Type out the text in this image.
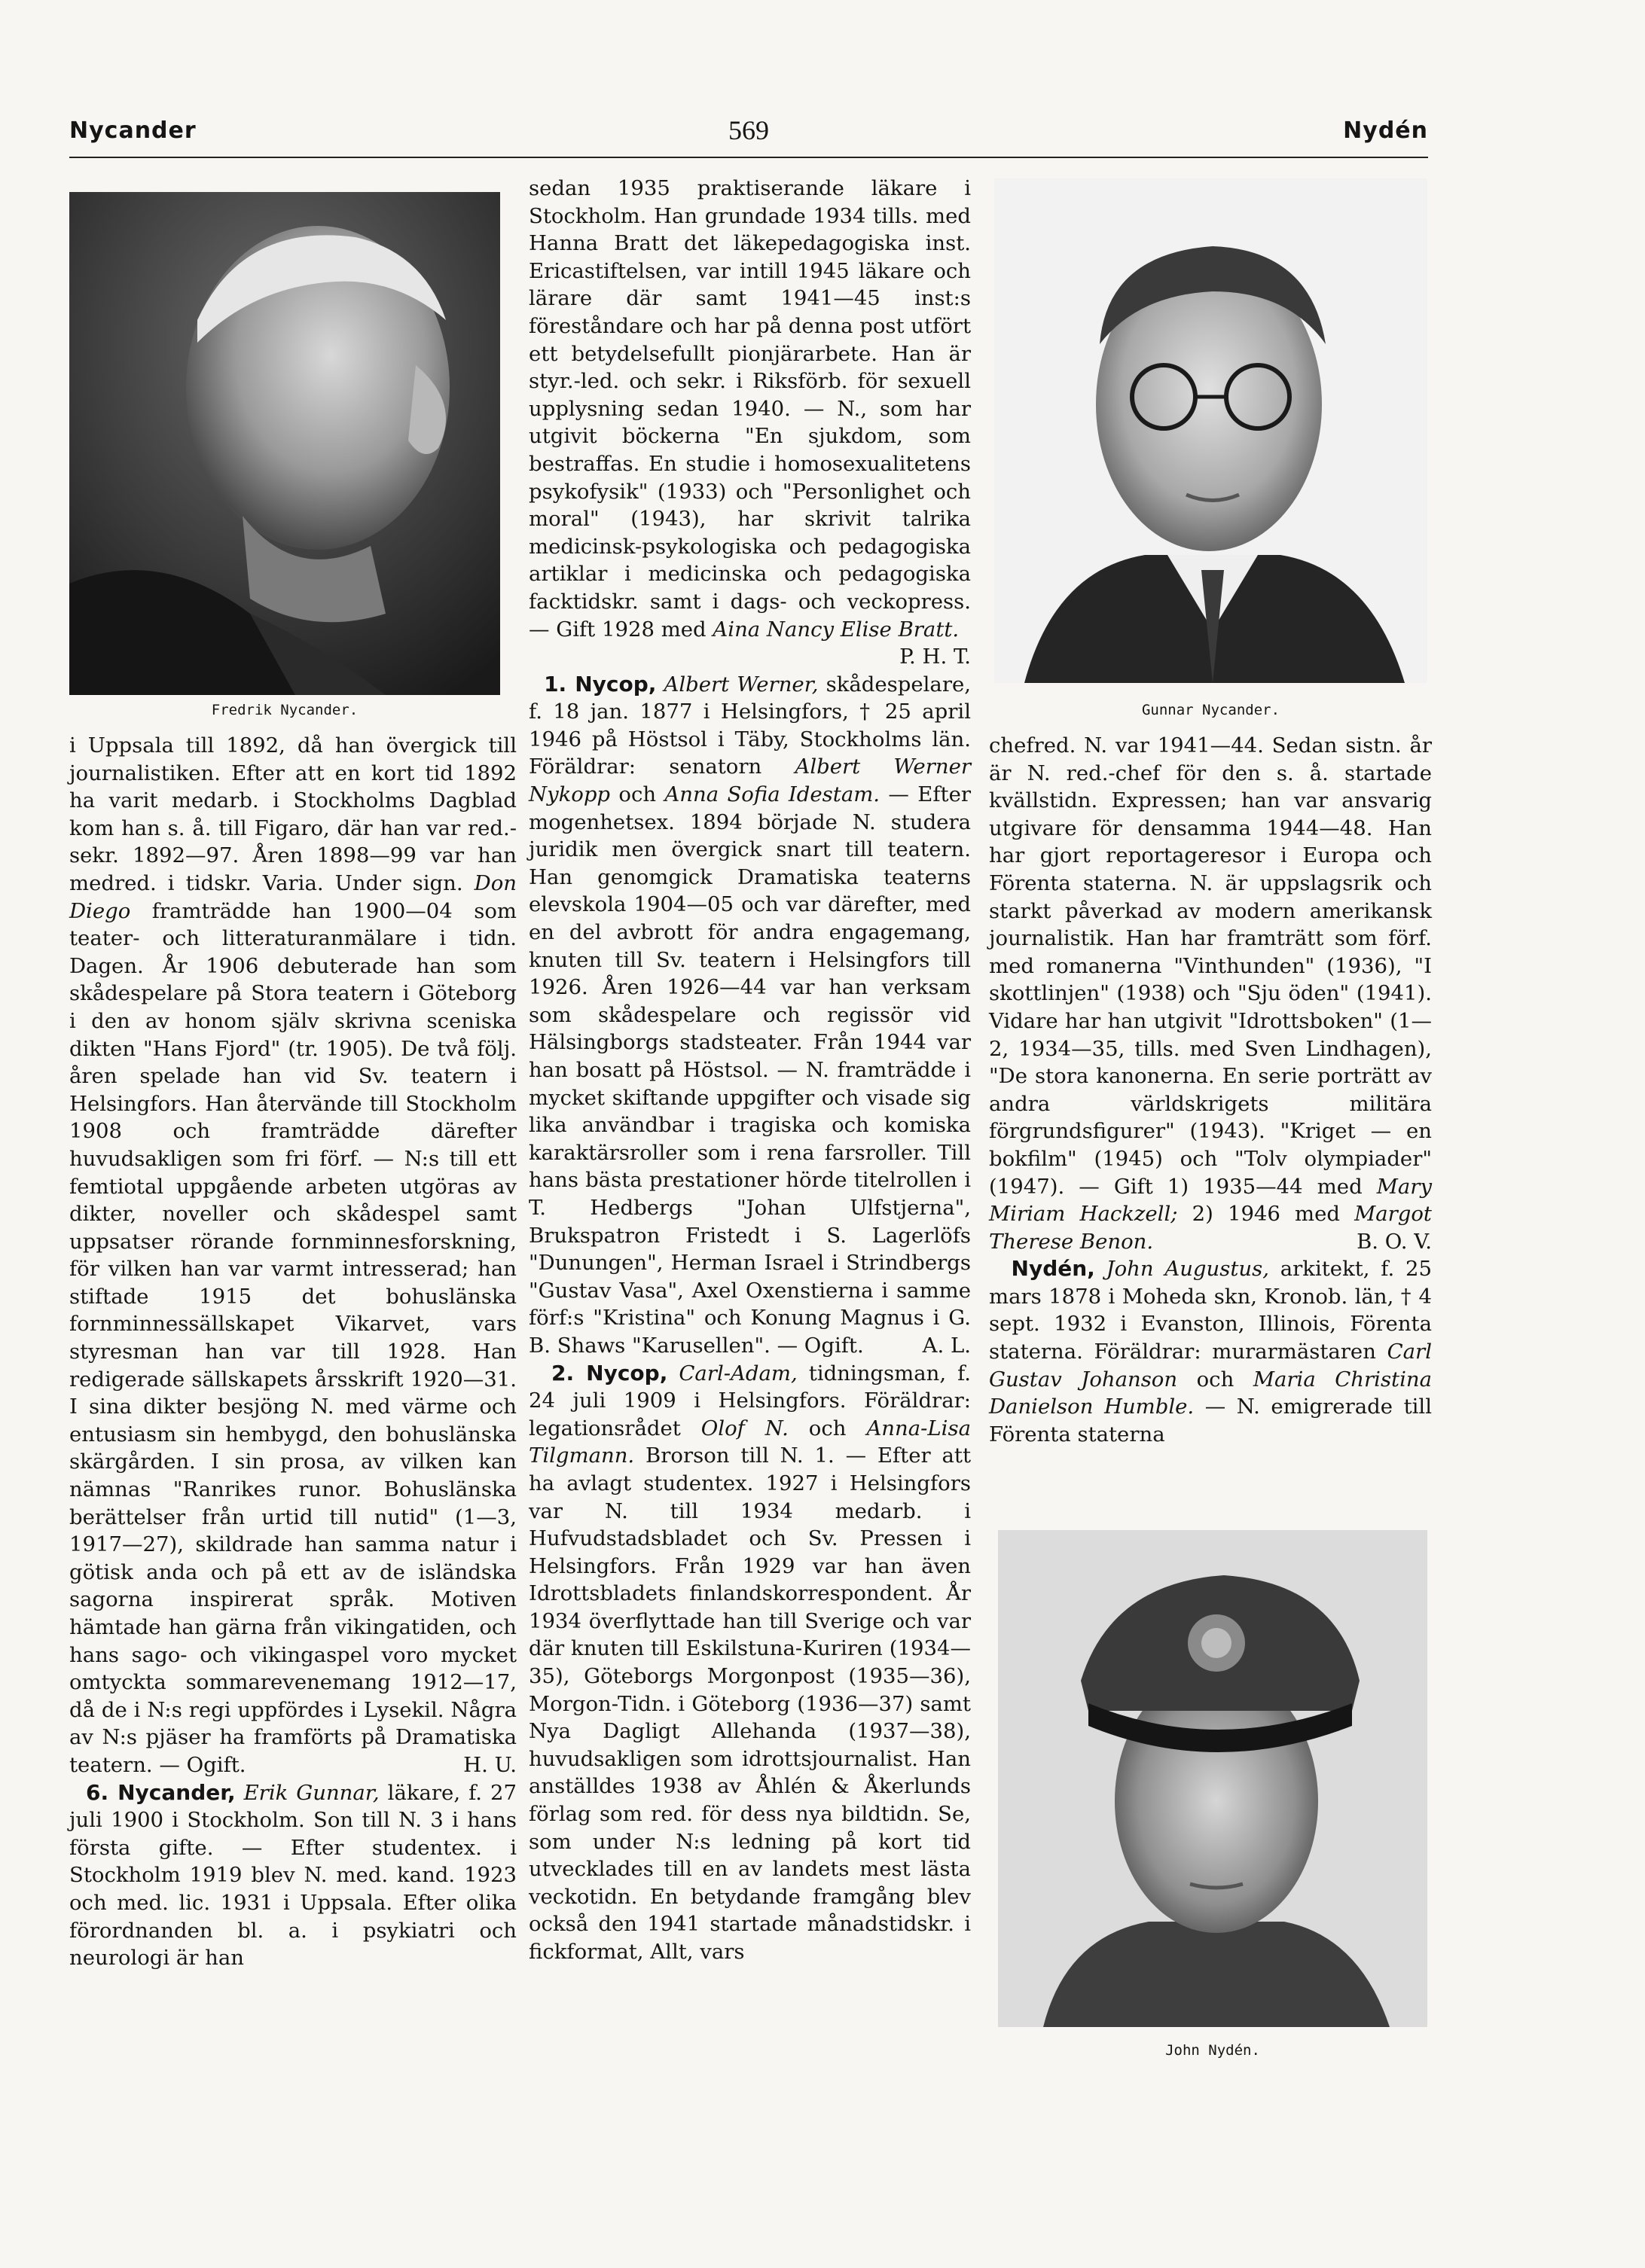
Nycander	569	Nydén
Fredrik Nycander.	Gunnar Nycander.
John Nydén.

i Uppsala till 1892, då han övergick till journalistiken. Efter att en kort tid 1892 ha varit medarb. i Stockholms Dagblad kom han s. å. till Figaro, där han var red.-sekr. 1892—97. Åren 1898—99 var han medred. i tidskr. Varia. Under sign. Don Diego framträdde han 1900—04 som teater- och litteraturanmälare i tidn. Dagen. År 1906 debuterade han som skådespelare på Stora teatern i Göteborg i den av honom själv skrivna sceniska dikten "Hans Fjord" (tr. 1905). De två följ. åren spelade han vid Sv. teatern i Helsingfors. Han återvände till Stockholm 1908 och framträdde därefter huvudsakligen som fri förf. — N:s till ett femtiotal uppgående arbeten utgöras av dikter, noveller och skådespel samt uppsatser rörande fornminnesforskning, för vilken han var varmt intresserad; han stiftade 1915 det bohuslänska fornminnessällskapet Vikarvet, vars styresman han var till 1928. Han redigerade sällskapets årsskrift 1920—31. I sina dikter besjöng N. med värme och entusiasm sin hembygd, den bohuslänska skärgården. I sin prosa, av vilken kan nämnas "Ranrikes runor. Bohuslänska berättelser från urtid till nutid" (1—3, 1917—27), skildrade han samma natur i götisk anda och på ett av de isländska sagorna inspirerat språk. Motiven hämtade han gärna från vikingatiden, och hans sago- och vikingaspel voro mycket omtyckta sommarevenemang 1912—17, då de i N:s regi uppfördes i Lysekil. Några av N:s pjäser ha framförts på Dramatiska teatern. — Ogift.	H. U.

6. Nycander, Erik Gunnar, läkare, f. 27 juli 1900 i Stockholm. Son till N. 3 i hans första gifte. — Efter studentex. i Stockholm 1919 blev N. med. kand. 1923 och med. lic. 1931 i Uppsala. Efter olika förordnanden bl. a. i psykiatri och neurologi är han

sedan 1935 praktiserande läkare i Stockholm. Han grundade 1934 tills. med Hanna Bratt det läkepedagogiska inst. Ericastiftelsen, var intill 1945 läkare och lärare där samt 1941—45 inst:s föreståndare och har på denna post utfört ett betydelsefullt pionjärarbete. Han är styr.-led. och sekr. i Riksförb. för sexuell upplysning sedan 1940. — N., som har utgivit böckerna "En sjukdom, som bestraffas. En studie i homosexualitetens psykofysik" (1933) och "Personlighet och moral" (1943), har skrivit talrika medicinsk-psykologiska och pedagogiska artiklar i medicinska och pedagogiska facktidskr. samt i dags- och veckopress. — Gift 1928 med Aina Nancy Elise Bratt.
P. H. T.

1. Nycop, Albert Werner, skådespelare, f. 18 jan. 1877 i Helsingfors, † 25 april 1946 på Höstsol i Täby, Stockholms län. Föräldrar: senatorn Albert Werner Nykopp och Anna Sofia Idestam. — Efter mogenhetsex. 1894 började N. studera juridik men övergick snart till teatern. Han genomgick Dramatiska teaterns elevskola 1904—05 och var därefter, med en del avbrott för andra engagemang, knuten till Sv. teatern i Helsingfors till 1926. Åren 1926—44 var han verksam som skådespelare och regissör vid Hälsingborgs stadsteater. Från 1944 var han bosatt på Höstsol. — N. framträdde i mycket skiftande uppgifter och visade sig lika användbar i tragiska och komiska karaktärsroller som i rena farsroller. Till hans bästa prestationer hörde titelrollen i T. Hedbergs "Johan Ulfstjerna", Brukspatron Fristedt i S. Lagerlöfs "Dunungen", Herman Israel i Strindbergs "Gustav Vasa", Axel Oxenstierna i samme förf:s "Kristina" och Konung Magnus i G. B. Shaws "Karusellen". — Ogift.	A. L.

2. Nycop, Carl-Adam, tidningsman, f. 24 juli 1909 i Helsingfors. Föräldrar: legationsrådet Olof N. och Anna-Lisa Tilgmann. Brorson till N. 1. — Efter att ha avlagt studentex. 1927 i Helsingfors var N. till 1934 medarb. i Hufvudstadsbladet och Sv. Pressen i Helsingfors. Från 1929 var han även Idrottsbladets finlandskorrespondent. År 1934 överflyttade han till Sverige och var där knuten till Eskilstuna-Kuriren (1934—35), Göteborgs Morgonpost (1935—36), Morgon-Tidn. i Göteborg (1936—37) samt Nya Dagligt Allehanda (1937—38), huvudsakligen som idrottsjournalist. Han anställdes 1938 av Åhlén & Åkerlunds förlag som red. för dess nya bildtidn. Se, som under N:s ledning på kort tid utvecklades till en av landets mest lästa veckotidn. En betydande framgång blev också den 1941 startade månadstidskr. i fickformat, Allt, vars

chefred. N. var 1941—44. Sedan sistn. år är N. red.-chef för den s. å. startade kvällstidn. Expressen; han var ansvarig utgivare för densamma 1944—48. Han har gjort reportageresor i Europa och Förenta staterna. N. är uppslagsrik och starkt påverkad av modern amerikansk journalistik. Han har framträtt som förf. med romanerna "Vinthunden" (1936), "I skottlinjen" (1938) och "Sju öden" (1941). Vidare har han utgivit "Idrottsboken" (1—2, 1934—35, tills. med Sven Lindhagen), "De stora kanonerna. En serie porträtt av andra världskrigets militära förgrundsfigurer" (1943). "Kriget — en bokfilm" (1945) och "Tolv olympiader" (1947). — Gift 1) 1935—44 med Mary Miriam Hackzell; 2) 1946 med Margot Therese Benon.	B. O. V.

Nydén, John Augustus, arkitekt, f. 25 mars 1878 i Moheda skn, Kronob. län, † 4 sept. 1932 i Evanston, Illinois, Förenta staterna. Föräldrar: murarmästaren Carl Gustav Johanson och Maria Christina Danielson Humble. — N. emigrerade till Förenta staterna
